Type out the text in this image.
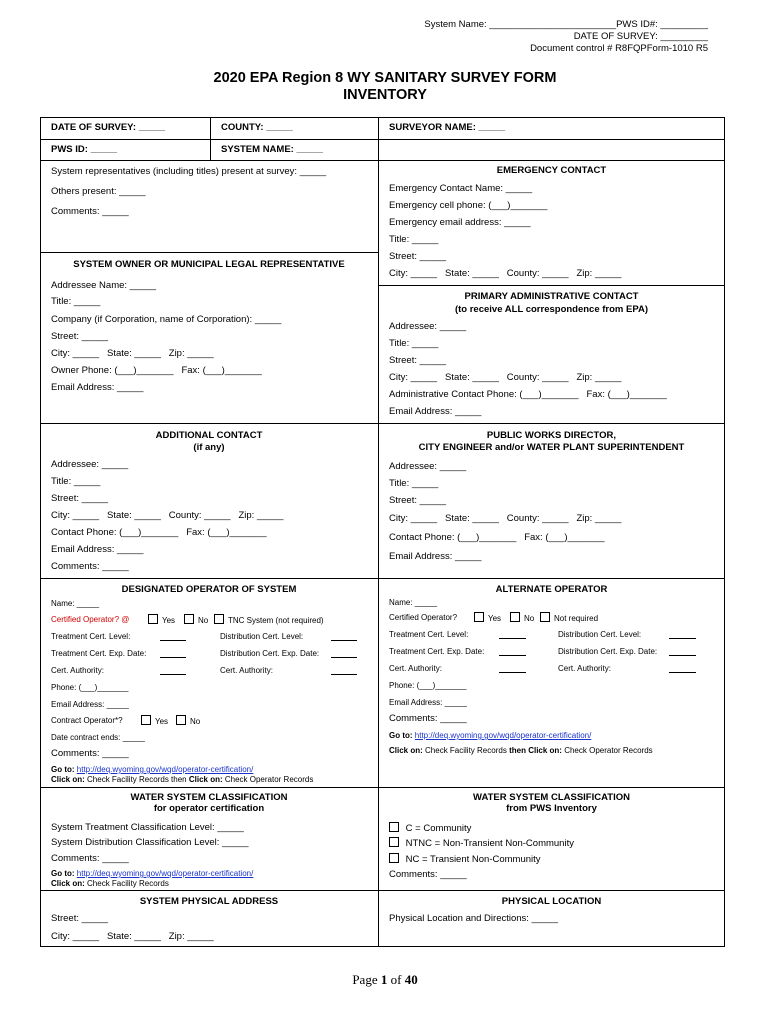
System Name: ________________________PWS ID#: _________
DATE OF SURVEY: _________
Document control # R8FQPForm-1010 R5
2020 EPA Region 8 WY SANITARY SURVEY FORM
INVENTORY
DATE OF SURVEY: _____	COUNTY: _____	SURVEYOR NAME: _____
PWS ID: _____	SYSTEM NAME: _____
System representatives (including titles) present at survey: _____
Others present: _____
Comments: _____
EMERGENCY CONTACT
Emergency Contact Name: _____
Emergency cell phone: (___)_______
Emergency email address: _____
Title: _____
Street: _____
City: _____   State: _____   County: _____   Zip: _____
SYSTEM OWNER OR MUNICIPAL LEGAL REPRESENTATIVE
Addressee Name: _____
Title: _____
Company (if Corporation, name of Corporation): _____
Street: _____
City: _____   State: _____   Zip: _____
Owner Phone: (___)_______   Fax: (___)_______
Email Address: _____
PRIMARY ADMINISTRATIVE CONTACT
(to receive ALL correspondence from EPA)
Addressee: _____
Title: _____
Street: _____
City: _____   State: _____   County: _____   Zip: _____
Administrative Contact Phone: (___)_______   Fax: (___)_______
Email Address: _____
ADDITIONAL CONTACT
(if any)
Addressee: _____
Title: _____
Street: _____
City: _____   State: _____   County: _____   Zip: _____
Contact Phone: (___)_______   Fax: (___)_______
Email Address: _____
Comments: _____
PUBLIC WORKS DIRECTOR,
CITY ENGINEER and/or WATER PLANT SUPERINTENDENT
Addressee: _____
Title: _____
Street: _____
City: _____   State: _____   County: _____   Zip: _____
Contact Phone: (___)_______   Fax: (___)_______
Email Address: _____
DESIGNATED OPERATOR OF SYSTEM
Name: _____
Certified Operator? @	Yes	No	TNC System (not required)
Treatment Cert. Level:	Distribution Cert. Level:
Treatment Cert. Exp. Date:	Distribution Cert. Exp. Date:
Cert. Authority:	Cert. Authority:
Phone: (___)_______
Email Address: _____
Contract Operator*?	Yes	No
Date contract ends: _____
Comments: _____
Go to: http://deq.wyoming.gov/wqd/operator-certification/
Click on: Check Facility Records then Click on: Check Operator Records
ALTERNATE OPERATOR
Name: _____
Certified Operator?	Yes	No	Not required
Treatment Cert. Level:	Distribution Cert. Level:
Treatment Cert. Exp. Date:	Distribution Cert. Exp. Date:
Cert. Authority:	Cert. Authority:
Phone: (___)_______
Email Address: _____
Comments: _____
Go to: http://deq.wyoming.gov/wqd/operator-certification/
Click on: Check Facility Records then Click on: Check Operator Records
WATER SYSTEM CLASSIFICATION
for operator certification
System Treatment Classification Level: _____
System Distribution Classification Level: _____
Comments: _____
Go to: http://deq.wyoming.gov/wqd/operator-certification/
Click on: Check Facility Records
WATER SYSTEM CLASSIFICATION
from PWS Inventory
C = Community
NTNC = Non-Transient Non-Community
NC = Transient Non-Community
Comments: _____
SYSTEM PHYSICAL ADDRESS
Street: _____
City: _____   State: _____   Zip: _____
PHYSICAL LOCATION
Physical Location and Directions: _____
Page 1 of 40
